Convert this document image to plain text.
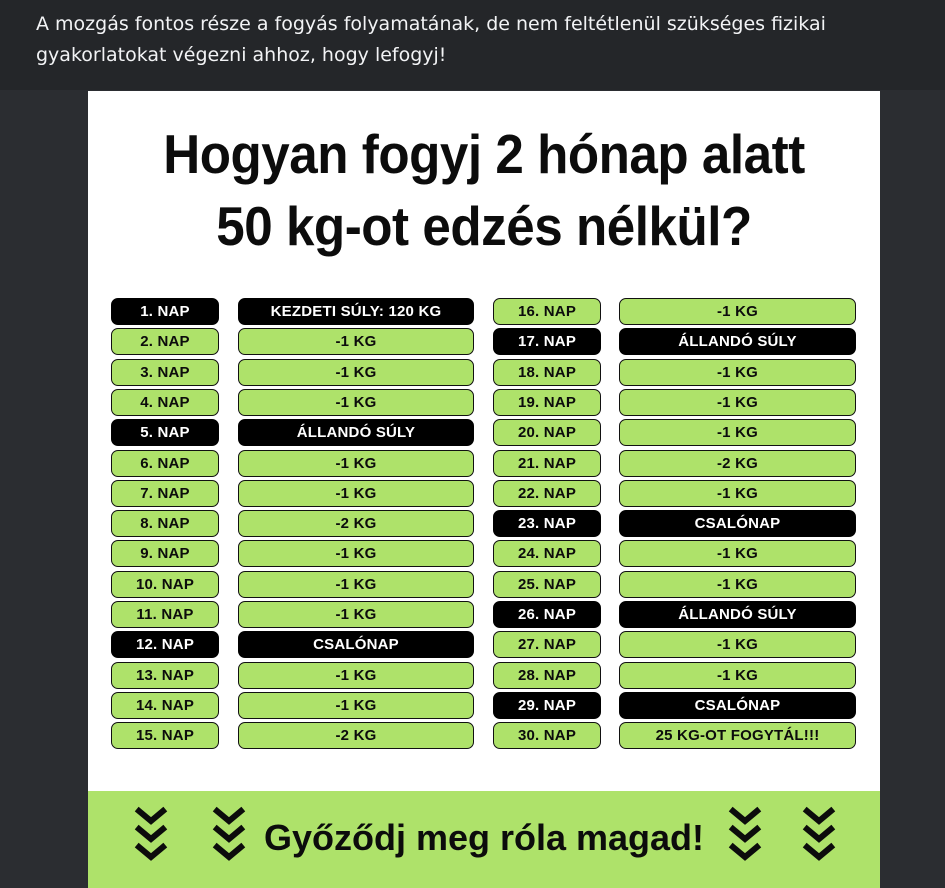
A mozgás fontos része a fogyás folyamatának, de nem feltétlenül szükséges fizikai
gyakorlatokat végezni ahhoz, hogy lefogyj!
Hogyan fogyj 2 hónap alatt
50 kg-ot edzés nélkül?
1. NAP	KEZDETI SÚLY: 120 KG
2. NAP	-1 KG
3. NAP	-1 KG
4. NAP	-1 KG
5. NAP	ÁLLANDÓ SÚLY
6. NAP	-1 KG
7. NAP	-1 KG
8. NAP	-2 KG
9. NAP	-1 KG
10. NAP	-1 KG
11. NAP	-1 KG
12. NAP	CSALÓNAP
13. NAP	-1 KG
14. NAP	-1 KG
15. NAP	-2 KG
16. NAP	-1 KG
17. NAP	ÁLLANDÓ SÚLY
18. NAP	-1 KG
19. NAP	-1 KG
20. NAP	-1 KG
21. NAP	-2 KG
22. NAP	-1 KG
23. NAP	CSALÓNAP
24. NAP	-1 KG
25. NAP	-1 KG
26. NAP	ÁLLANDÓ SÚLY
27. NAP	-1 KG
28. NAP	-1 KG
29. NAP	CSALÓNAP
30. NAP	25 KG-OT FOGYTÁL!!!
Győződj meg róla magad!
